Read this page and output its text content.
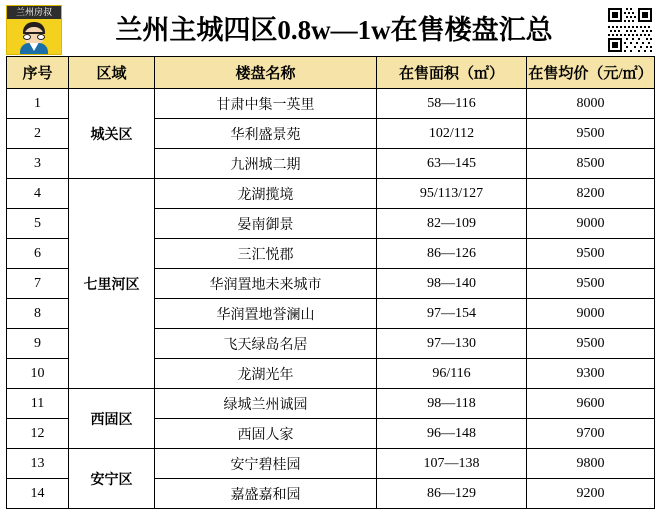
兰州房叔
兰州主城四区0.8w—1w在售楼盘汇总
序号	区域	楼盘名称	在售面积（㎡）	在售均价（元/㎡）
1	城关区	甘肃中集一英里	58—116	8000
2		华利盛景苑	102/112	9500
3		九洲城二期	63—145	8500
4	七里河区	龙湖揽境	95/113/127	8200
5		晏南御景	82—109	9000
6		三汇悦郡	86—126	9500
7		华润置地未来城市	98—140	9500
8		华润置地誉澜山	97—154	9000
9		飞天绿岛名居	97—130	9500
10		龙湖光年	96/116	9300
11	西固区	绿城兰州诚园	98—118	9600
12		西固人家	96—148	9700
13	安宁区	安宁碧桂园	107—138	9800
14		嘉盛嘉和园	86—129	9200
